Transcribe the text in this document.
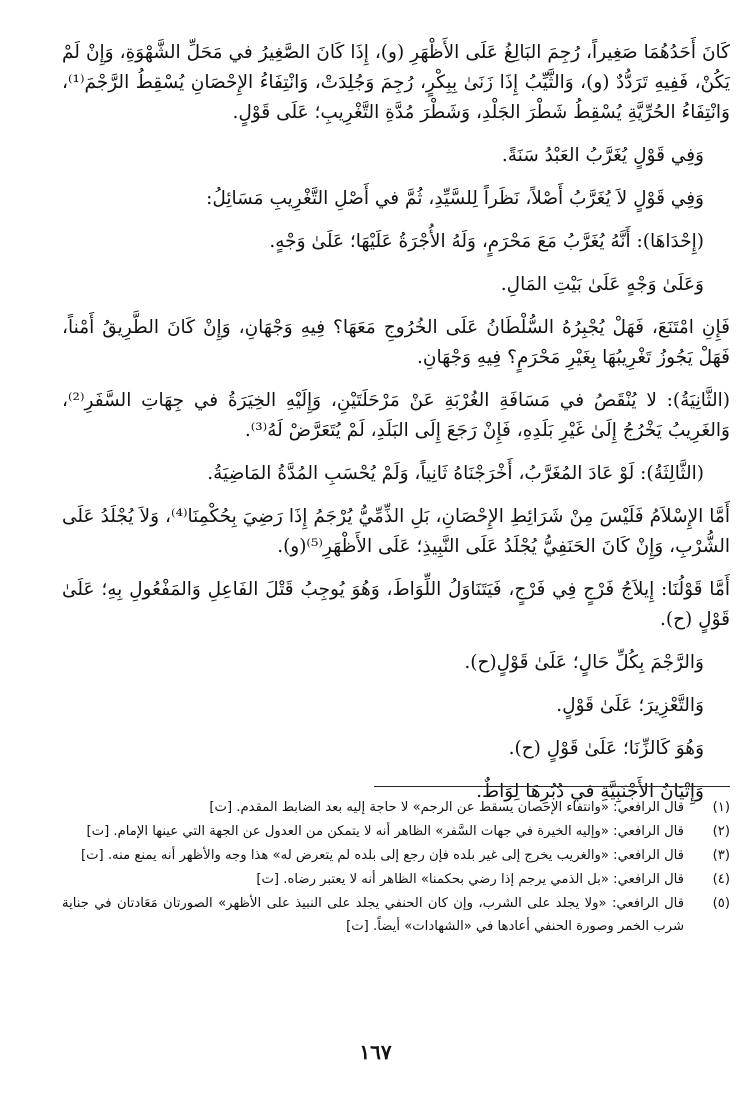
كَانَ أَحَدُهُمَا صَغِيراً، رُجِمَ البَالِغُ عَلَى الأَظْهَرِ (و)، إِذَا كَانَ الصَّغِيرُ في مَحَلِّ الشَّهْوَةِ، وَإِنْ لَمْ يَكُنْ، فَفِيهِ تَرَدُّدٌ (و)، وَالثَّيِّبُ إِذَا زَنَىٰ بِبِكْرٍ، رُجِمَ وَجُلِدَتْ، وَانْتِفَاءُ الإِحْصَانِ يُسْقِطُ الرَّجْمَ⁽¹⁾، وَانْتِفَاءُ الحُرِّيَّةِ يُسْقِطُ شَطْرَ الجَلْدِ، وَشَطْرَ مُدَّةِ التَّغْرِيبِ؛ عَلَى قَوْلٍ.

وَفِي قَوْلٍ يُغَرَّبُ العَبْدُ سَنَةً.

وَفِي قَوْلٍ لاَ يُغَرَّبُ أَصْلاً، نَظَراً لِلسَّيِّدِ، ثُمَّ في أَصْلِ التَّغْرِيبِ مَسَائِلُ:

(إِحْدَاهَا): أَنَّهُ يُغَرَّبُ مَعَ مَحْرَمٍ، وَلَهُ الأُجْرَةُ عَلَيْهَا؛ عَلَىٰ وَجْهٍ.

وَعَلَىٰ وَجْهٍ عَلَىٰ بَيْتِ المَالِ.

فَإِنِ امْتَنَعَ، فَهَلْ يُجْبِرُهُ السُّلْطَانُ عَلَى الخُرُوجِ مَعَهَا؟ فِيهِ وَجْهَانِ، وَإِنْ كَانَ الطَّرِيقُ أَمْناً، فَهَلْ يَجُوزُ تَغْرِيبُهَا بِغَيْرِ مَحْرَمٍ؟ فِيهِ وَجْهَانِ.

(الثَّانِيَةُ): لا يُنْقَصُ في مَسَافَةِ الغُرْبَةِ عَنْ مَرْحَلَتَيْنِ، وَإِلَيْهِ الخِيَرَةُ في جِهَاتِ السَّفَرِ⁽²⁾، وَالغَرِيبُ يَخْرُجُ إِلَىٰ غَيْرِ بَلَدِهِ، فَإِنْ رَجَعَ إِلَى البَلَدِ، لَمْ يُتَعَرَّضْ لَهُ⁽³⁾.

(الثَّالِثَةُ): لَوْ عَادَ المُغَرَّبُ، أَخْرَجْنَاهُ ثَانِياً، وَلَمْ يُحْسَبِ المُدَّةُ المَاضِيَةُ.

أَمَّا الإِسْلاَمُ فَلَيْسَ مِنْ شَرَائِطِ الإِحْصَانِ، بَلِ الذِّمِّيُّ يُرْجَمُ إِذَا رَضِيَ بِحُكْمِنَا⁽⁴⁾، وَلاَ يُجْلَدُ عَلَى الشُّرْبِ، وَإِنْ كَانَ الحَنَفِيُّ يُجْلَدُ عَلَى النَّبِيذِ؛ عَلَى الأَظْهَرِ⁽⁵⁾(و).

أَمَّا قَوْلُنَا: إِيلاَجُ فَرْجٍ فِي فَرْجٍ، فَيَتَنَاوَلُ اللِّوَاطَ، وَهُوَ يُوجِبُ قَتْلَ الفَاعِلِ وَالمَفْعُولِ بِهِ؛ عَلَىٰ قَوْلٍ (ح).

وَالرَّجْمَ بِكُلِّ حَالٍ؛ عَلَىٰ قَوْلٍ(ح).

وَالتَّعْزِيرَ؛ عَلَىٰ قَوْلٍ.

وَهُوَ كَالزِّنَا؛ عَلَىٰ قَوْلٍ (ح).

وَإِتْيَانُ الأَجْنَبِيَّةِ في دُبُرِهَا لِوَاطٌ.

(١)
قال الرافعي: «وانتفاء الإحصان يسقط عن الرجم» لا حاجة إليه بعد الضابط المقدم. [ت]
(٢)
قال الرافعي: «وإليه الخيرة في جهات السَّفر» الظاهر أنه لا يتمكن من العدول عن الجهة التي عينها الإمام. [ت]
(٣)
قال الرافعي: «والغريب يخرج إلى غير بلده فإن رجع إلى بلده لم يتعرض له» هذا وجه والأظهر أنه يمنع منه. [ت]
(٤)
قال الرافعي: «بل الذمي يرجم إذا رضي بحكمنا» الظاهر أنه لا يعتبر رضاه. [ت]
(٥)
قال الرافعي: «ولا يجلد على الشرب، وإن كان الحنفي يجلد على النبيذ على الأظهر» الصورتان مَعَادتان في جناية شرب الخمر وصورة الحنفي أعادها في «الشهادات» أيضاً. [ت]
١٦٧
